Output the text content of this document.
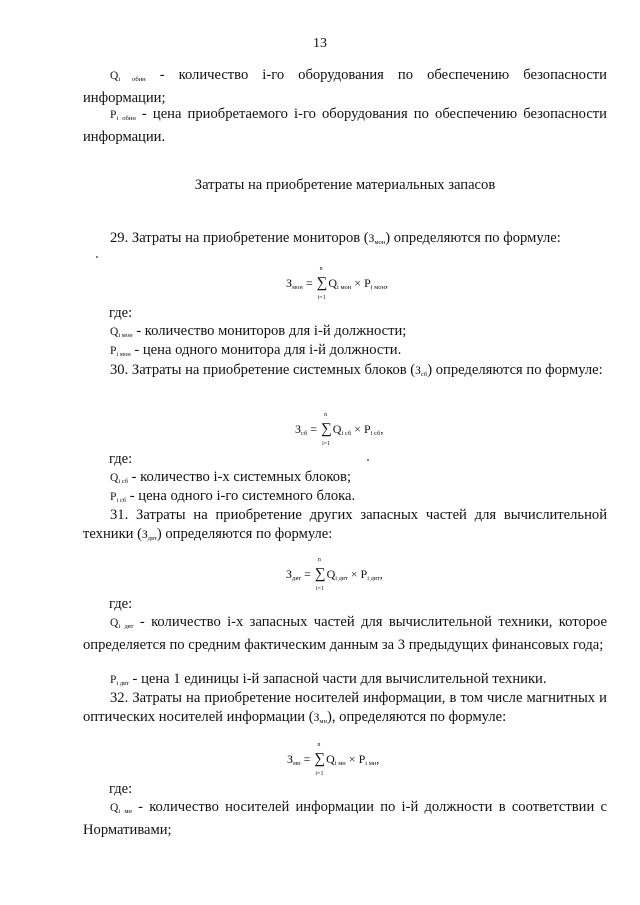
13

$Q_{i обин}$ - количество i-го оборудования по обеспечению безопасности информации;

$P_{i обин}$ - цена приобретаемого i-го оборудования по обеспечению безопасности информации.

Затраты на приобретение материальных запасов

29. Затраты на приобретение мониторов $(З_{мон})$ определяются по формуле:

$З_{мон}$ = ∑
n
i=1
$Q_{i мон} \times P_{i мон}$,
где:

$Q_{i мон}$ - количество мониторов для i-й должности;

$P_{i мон}$ - цена одного монитора для i-й должности.

30. Затраты на приобретение системных блоков $(З_{сб})$ определяются по формуле:

$З_{сб}$ = ∑
n
i=1
$Q_{i сб} \times P_{i сб}$,
где:

$Q_{i сб}$ - количество i-х системных блоков;

$P_{i сб}$ - цена одного i-го системного блока.

31. Затраты на приобретение других запасных частей для вычислительной техники $(З_{двт})$ определяются по формуле:

$З_{двт}$ = ∑
n
i=1
$Q_{i двт} \times P_{i двт}$,
где:

$Q_{i двт}$ - количество i-х запасных частей для вычислительной техники, которое определяется по средним фактическим данным за 3 предыдущих финансовых года;

$P_{i двт}$ - цена 1 единицы i-й запасной части для вычислительной техники.

32. Затраты на приобретение носителей информации, в том числе магнитных и оптических носителей информации $(З_{мн})$, определяются по формуле:

$З_{мн}$ = ∑
n
i=1
$Q_{i мн} \times P_{i мн}$,
где:

$Q_{i мн}$ - количество носителей информации по i-й должности в соответствии с Нормативами;
